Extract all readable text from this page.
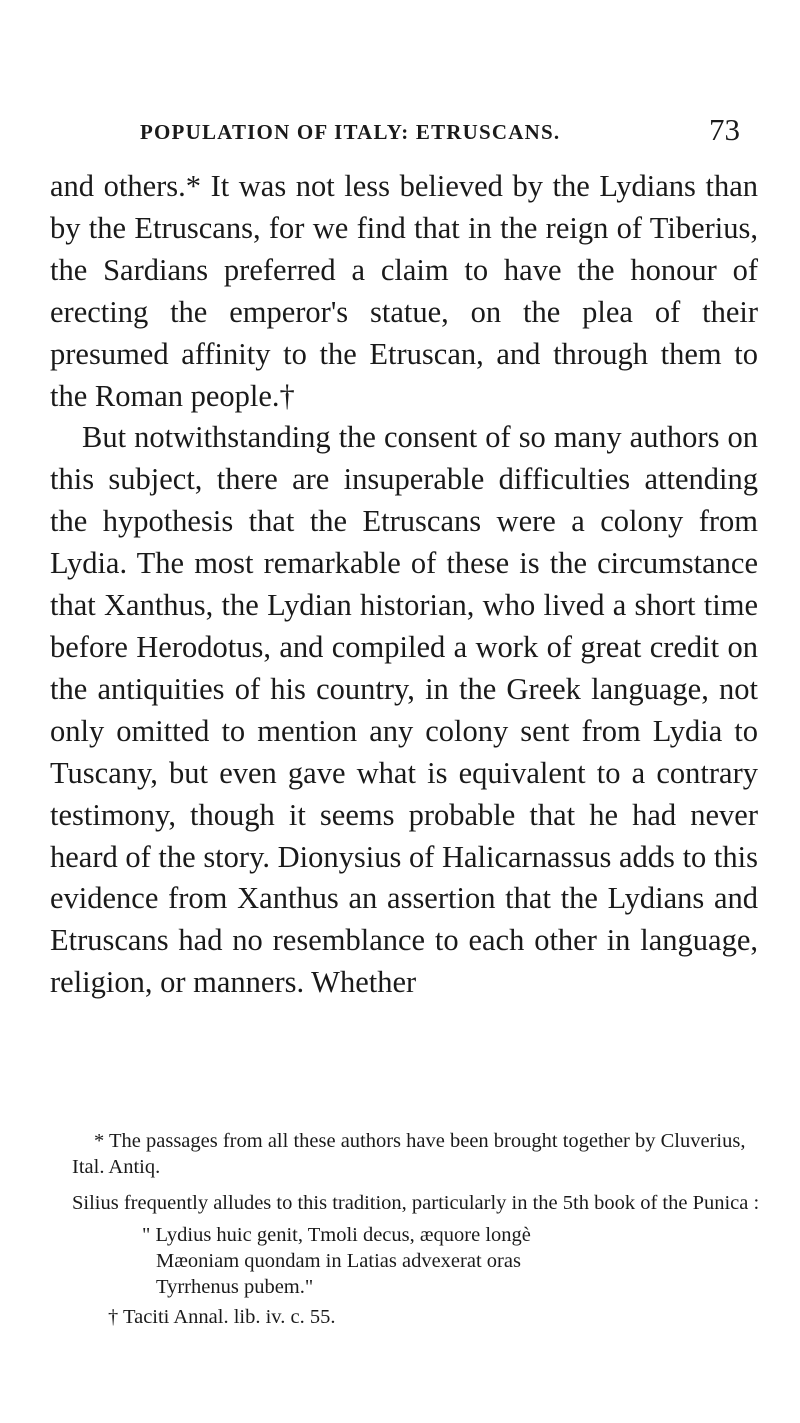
POPULATION OF ITALY: ETRUSCANS.	73

and others.* It was not less believed by the Lydians than by the Etruscans, for we find that in the reign of Tiberius, the Sardians preferred a claim to have the honour of erecting the emperor's statue, on the plea of their presumed affinity to the Etruscan, and through them to the Roman people.†

But notwithstanding the consent of so many authors on this subject, there are insuperable difficulties attending the hypothesis that the Etruscans were a colony from Lydia. The most remarkable of these is the circumstance that Xanthus, the Lydian historian, who lived a short time before Herodotus, and compiled a work of great credit on the antiquities of his country, in the Greek language, not only omitted to mention any colony sent from Lydia to Tuscany, but even gave what is equivalent to a contrary testimony, though it seems probable that he had never heard of the story. Dionysius of Halicarnassus adds to this evidence from Xanthus an assertion that the Lydians and Etruscans had no resemblance to each other in language, religion, or manners. Whether

* The passages from all these authors have been brought together by Cluverius, Ital. Antiq.

Silius frequently alludes to this tradition, particularly in the 5th book of the Punica :

" Lydius huic genit, Tmoli decus, æquore longè
Mæoniam quondam in Latias advexerat oras
Tyrrhenus pubem."

† Taciti Annal. lib. iv. c. 55.
